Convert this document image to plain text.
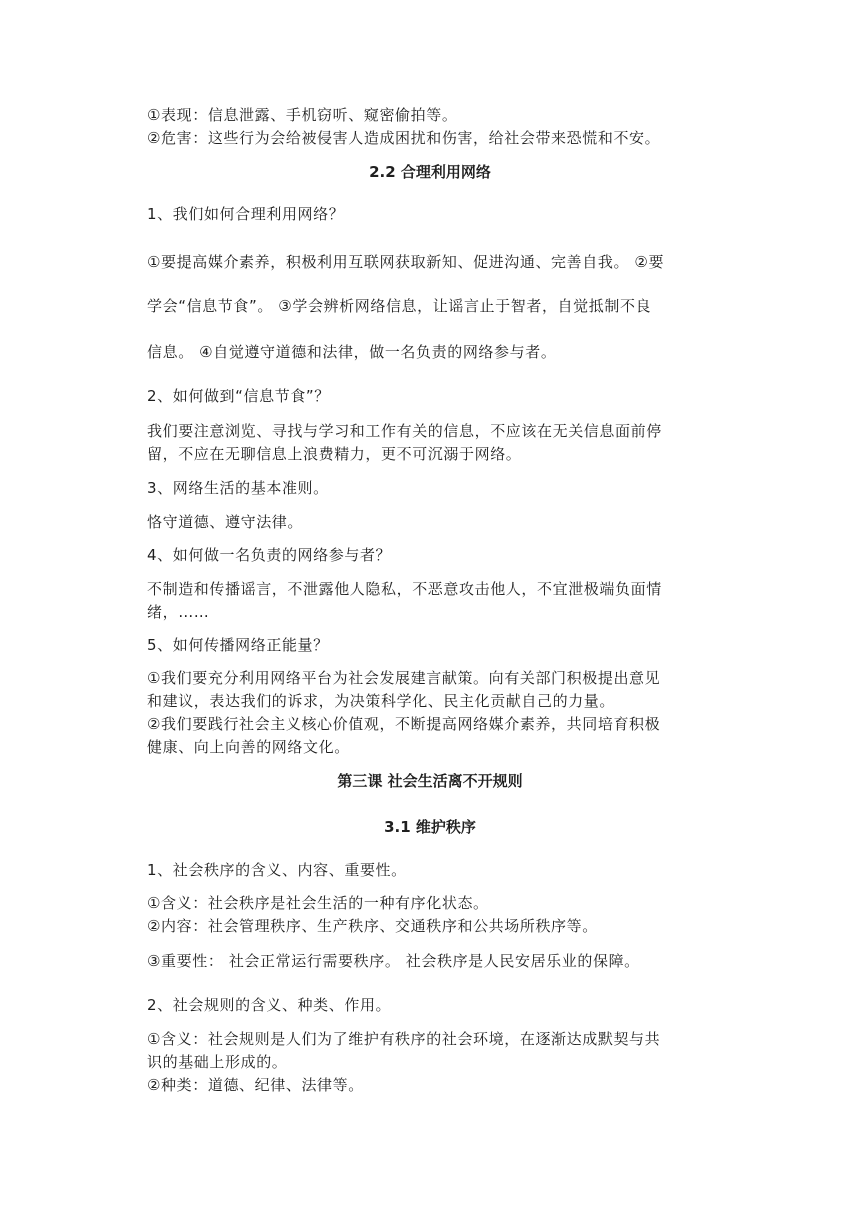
①表现：信息泄露、手机窃听、窥密偷拍等。
②危害：这些行为会给被侵害人造成困扰和伤害，给社会带来恐慌和不安。
2.2 合理利用网络
1、我们如何合理利用网络？
①要提高媒介素养，积极利用互联网获取新知、促进沟通、完善自我。 ②要
学会“信息节食”。 ③学会辨析网络信息，让谣言止于智者，自觉抵制不良
信息。 ④自觉遵守道德和法律，做一名负责的网络参与者。
2、如何做到“信息节食”？
我们要注意浏览、寻找与学习和工作有关的信息，不应该在无关信息面前停
留，不应在无聊信息上浪费精力，更不可沉溺于网络。
3、网络生活的基本准则。
恪守道德、遵守法律。
4、如何做一名负责的网络参与者？
不制造和传播谣言，不泄露他人隐私，不恶意攻击他人，不宜泄极端负面情
绪，……
5、如何传播网络正能量？
①我们要充分利用网络平台为社会发展建言献策。向有关部门积极提出意见
和建议，表达我们的诉求，为决策科学化、民主化贡献自己的力量。
②我们要践行社会主义核心价值观，不断提高网络媒介素养，共同培育积极
健康、向上向善的网络文化。
第三课 社会生活离不开规则
3.1 维护秩序
1、社会秩序的含义、内容、重要性。
①含义：社会秩序是社会生活的一种有序化状态。
②内容：社会管理秩序、生产秩序、交通秩序和公共场所秩序等。
③重要性： 社会正常运行需要秩序。 社会秩序是人民安居乐业的保障。
2、社会规则的含义、种类、作用。
①含义：社会规则是人们为了维护有秩序的社会环境，在逐渐达成默契与共
识的基础上形成的。
②种类：道德、纪律、法律等。
